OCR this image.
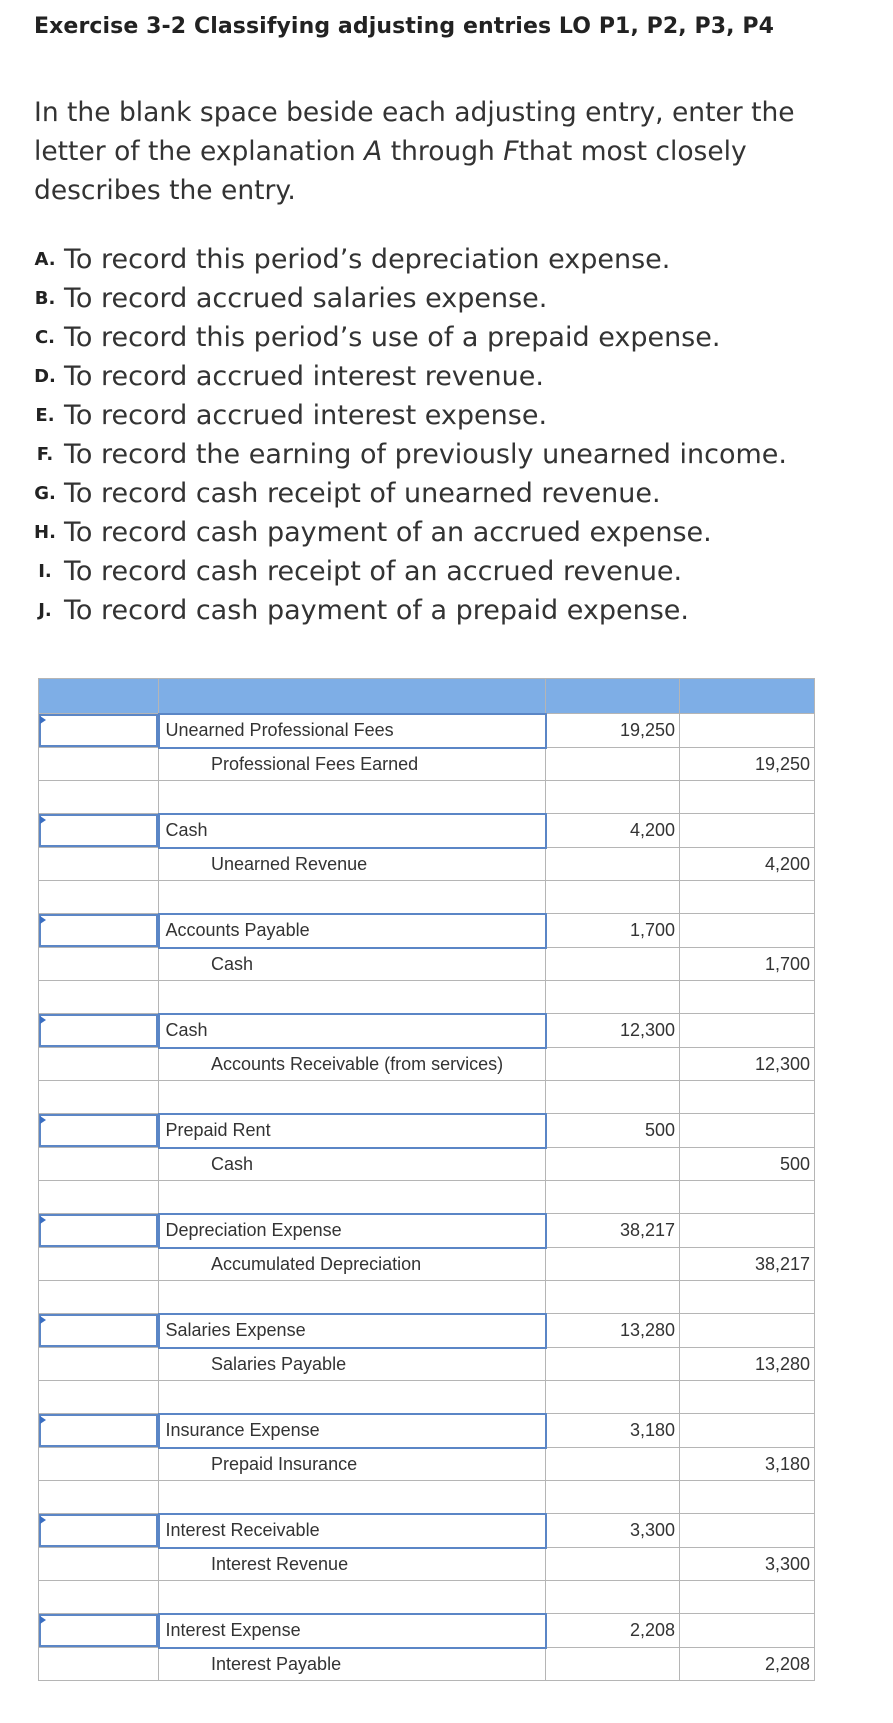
Exercise 3-2 Classifying adjusting entries LO P1, P2, P3, P4
In the blank space beside each adjusting entry, enter the letter of the explanation A through Fthat most closely describes the entry.
A. To record this period’s depreciation expense.
B. To record accrued salaries expense.
C. To record this period’s use of a prepaid expense.
D. To record accrued interest revenue.
E. To record accrued interest expense.
F. To record the earning of previously unearned income.
G. To record cash receipt of unearned revenue.
H. To record cash payment of an accrued expense.
I. To record cash receipt of an accrued revenue.
J. To record cash payment of a prepaid expense.

	Unearned Professional Fees	19,250	
	Professional Fees Earned		19,250

	Cash	4,200	
	Unearned Revenue		4,200

	Accounts Payable	1,700	
	Cash		1,700

	Cash	12,300	
	Accounts Receivable (from services)		12,300

	Prepaid Rent	500	
	Cash		500

	Depreciation Expense	38,217	
	Accumulated Depreciation		38,217

	Salaries Expense	13,280	
	Salaries Payable		13,280

	Insurance Expense	3,180	
	Prepaid Insurance		3,180

	Interest Receivable	3,300	
	Interest Revenue		3,300

	Interest Expense	2,208	
	Interest Payable		2,208
